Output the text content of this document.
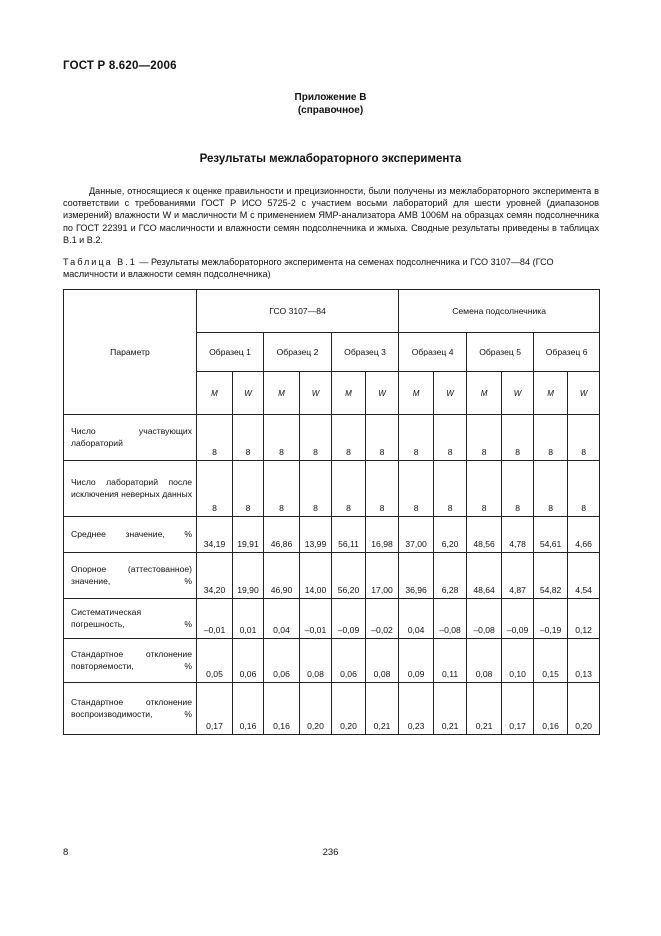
ГОСТ Р 8.620—2006
Приложение В
(справочное)
Результаты межлабораторного эксперимента
Данные, относящиеся к оценке правильности и прецизионности, были получены из межлабораторного эксперимента в соответствии с требованиями ГОСТ Р ИСО 5725-2 с участием восьми лабораторий для шести уровней (диапазонов измерений) влажности W и масличности M с применением ЯМР-анализатора АМВ 1006М на образцах семян подсолнечника по ГОСТ 22391 и ГСО масличности и влажности семян подсолнечника и жмыха. Сводные результаты приведены в таблицах В.1 и В.2.
Таблица В.1 — Результаты межлабораторного эксперимента на семенах подсолнечника и ГСО 3107—84 (ГСО масличности и влажности семян подсолнечника)
Параметр	ГСО 3107—84						Семена подсолнечника					
	Образец 1		Образец 2		Образец 3		Образец 4		Образец 5		Образец 6	
	M	W	M	W	M	W	M	W	M	W	M	W
Число участвующих лабораторий	8	8	8	8	8	8	8	8	8	8	8	8
Число лабораторий после исключения неверных данных	8	8	8	8	8	8	8	8	8	8	8	8
Среднее значение, %	34,19	19,91	46,86	13,99	56,11	16,98	37,00	6,20	48,56	4,78	54,61	4,66
Опорное (аттестованное) значение, %	34,20	19,90	46,90	14,00	56,20	17,00	36,96	6,28	48,64	4,87	54,82	4,54
Систематическая погрешность, %	–0,01	0,01	0,04	–0,01	–0,09	–0,02	0,04	–0,08	–0,08	–0,09	–0,19	0,12
Стандартное отклонение повторяемости, %	0,05	0,06	0,06	0,08	0,06	0,08	0,09	0,11	0,08	0,10	0,15	0,13
Стандартное отклонение воспроизводимости, %	0,17	0,16	0,16	0,20	0,20	0,21	0,23	0,21	0,21	0,17	0,16	0,20
8	236
